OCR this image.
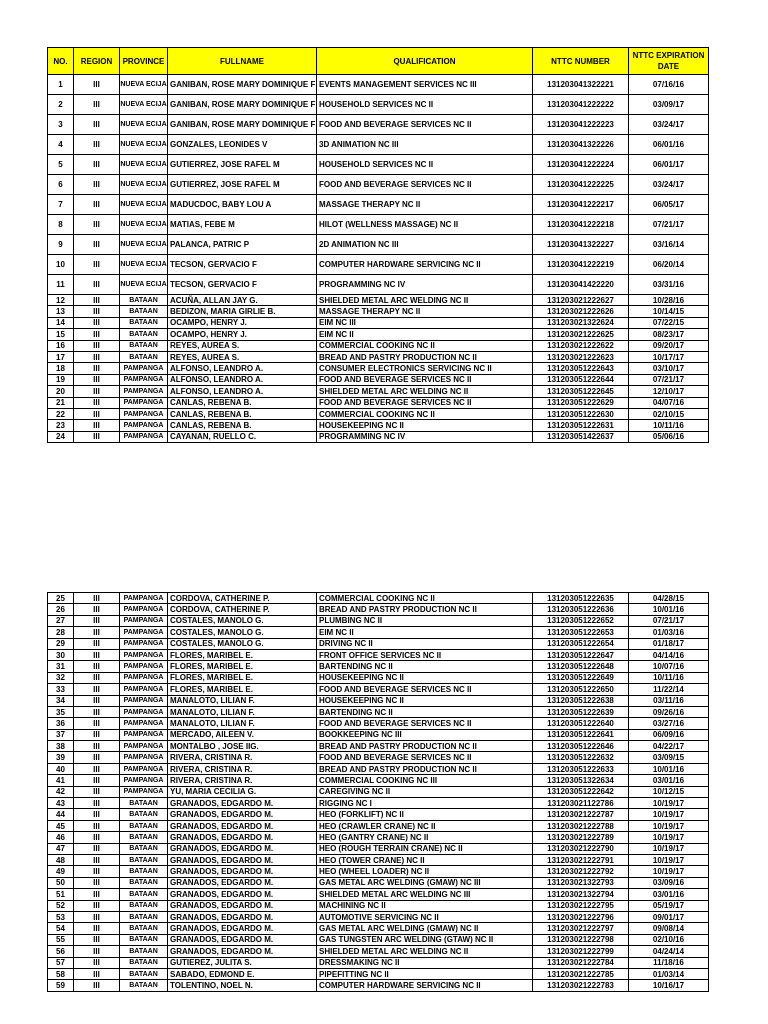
NO.	REGION	PROVINCE	FULLNAME	QUALIFICATION	NTTC NUMBER	NTTC EXPIRATION DATE
1	III	NUEVA ECIJA	GANIBAN, ROSE MARY DOMINIQUE F	EVENTS MANAGEMENT SERVICES NC III	131203041322221	07/16/16
2	III	NUEVA ECIJA	GANIBAN, ROSE MARY DOMINIQUE F	HOUSEHOLD SERVICES NC II	131203041222222	03/09/17
3	III	NUEVA ECIJA	GANIBAN, ROSE MARY DOMINIQUE F	FOOD AND BEVERAGE SERVICES NC II	131203041222223	03/24/17
4	III	NUEVA ECIJA	GONZALES, LEONIDES V	3D ANIMATION NC III	131203041322226	06/01/16
5	III	NUEVA ECIJA	GUTIERREZ, JOSE RAFEL M	HOUSEHOLD SERVICES NC II	131203041222224	06/01/17
6	III	NUEVA ECIJA	GUTIERREZ, JOSE RAFEL M	FOOD AND BEVERAGE SERVICES NC II	131203041222225	03/24/17
7	III	NUEVA ECIJA	MADUCDOC, BABY LOU A	MASSAGE THERAPY NC II	131203041222217	06/05/17
8	III	NUEVA ECIJA	MATIAS, FEBE M	HILOT (WELLNESS MASSAGE) NC II	131203041222218	07/21/17
9	III	NUEVA ECIJA	PALANCA, PATRIC P	2D ANIMATION NC III	131203041322227	03/16/14
10	III	NUEVA ECIJA	TECSON, GERVACIO F	COMPUTER HARDWARE SERVICING NC II	131203041222219	06/20/14
11	III	NUEVA ECIJA	TECSON, GERVACIO F	PROGRAMMING NC IV	131203041422220	03/31/16
12	III	BATAAN	ACUÑA, ALLAN JAY G.	SHIELDED METAL ARC WELDING NC II	131203021222627	10/28/16
13	III	BATAAN	BEDIZON, MARIA GIRLIE B.	MASSAGE THERAPY NC II	131203021222626	10/14/15
14	III	BATAAN	OCAMPO, HENRY J.	EIM NC III	131203021322624	07/22/15
15	III	BATAAN	OCAMPO, HENRY J.	EIM NC II	131203021222625	08/23/17
16	III	BATAAN	REYES, AUREA S.	COMMERCIAL COOKING NC II	131203021222622	09/20/17
17	III	BATAAN	REYES, AUREA S.	BREAD AND PASTRY PRODUCTION NC II	131203021222623	10/17/17
18	III	PAMPANGA	ALFONSO, LEANDRO A.	CONSUMER ELECTRONICS SERVICING NC II	131203051222643	03/10/17
19	III	PAMPANGA	ALFONSO, LEANDRO A.	FOOD AND BEVERAGE SERVICES NC II	131203051222644	07/21/17
20	III	PAMPANGA	ALFONSO, LEANDRO A.	SHIELDED METAL ARC WELDING NC II	131203051222645	12/10/17
21	III	PAMPANGA	CANLAS, REBENA B.	FOOD AND BEVERAGE SERVICES NC II	131203051222629	04/07/16
22	III	PAMPANGA	CANLAS, REBENA B.	COMMERCIAL COOKING NC II	131203051222630	02/10/15
23	III	PAMPANGA	CANLAS, REBENA B.	HOUSEKEEPING NC II	131203051222631	10/11/16
24	III	PAMPANGA	CAYANAN, RUELLO C.	PROGRAMMING NC IV	131203051422637	05/06/16
25	III	PAMPANGA	CORDOVA, CATHERINE P.	COMMERCIAL COOKING NC II	131203051222635	04/28/15
26	III	PAMPANGA	CORDOVA, CATHERINE P.	BREAD AND PASTRY PRODUCTION NC II	131203051222636	10/01/16
27	III	PAMPANGA	COSTALES, MANOLO G.	PLUMBING NC II	131203051222652	07/21/17
28	III	PAMPANGA	COSTALES, MANOLO G.	EIM NC II	131203051222653	01/03/16
29	III	PAMPANGA	COSTALES, MANOLO G.	DRIVING NC II	131203051222654	01/18/17
30	III	PAMPANGA	FLORES, MARIBEL E.	FRONT OFFICE SERVICES NC II	131203051222647	04/14/16
31	III	PAMPANGA	FLORES, MARIBEL E.	BARTENDING NC II	131203051222648	10/07/16
32	III	PAMPANGA	FLORES, MARIBEL E.	HOUSEKEEPING NC II	131203051222649	10/11/16
33	III	PAMPANGA	FLORES, MARIBEL E.	FOOD AND BEVERAGE SERVICES NC II	131203051222650	11/22/14
34	III	PAMPANGA	MANALOTO, LILIAN F.	HOUSEKEEPING NC II	131203051222638	03/11/16
35	III	PAMPANGA	MANALOTO, LILIAN F.	BARTENDING NC II	131203051222639	09/26/16
36	III	PAMPANGA	MANALOTO, LILIAN F.	FOOD AND BEVERAGE SERVICES NC II	131203051222640	03/27/16
37	III	PAMPANGA	MERCADO, AILEEN V.	BOOKKEEPING NC III	131203051222641	06/09/16
38	III	PAMPANGA	MONTALBO , JOSE IIG.	BREAD AND PASTRY PRODUCTION NC II	131203051222646	04/22/17
39	III	PAMPANGA	RIVERA, CRISTINA R.	FOOD AND BEVERAGE SERVICES NC II	131203051222632	03/09/15
40	III	PAMPANGA	RIVERA, CRISTINA R.	BREAD AND PASTRY PRODUCTION NC II	131203051222633	10/01/16
41	III	PAMPANGA	RIVERA, CRISTINA R.	COMMERCIAL COOKING NC III	131203051322634	03/01/16
42	III	PAMPANGA	YU, MARIA CECILIA G.	CAREGIVING NC II	131203051222642	10/12/15
43	III	BATAAN	GRANADOS, EDGARDO M.	RIGGING NC I	131203021122786	10/19/17
44	III	BATAAN	GRANADOS, EDGARDO M.	HEO (FORKLIFT) NC II	131203021222787	10/19/17
45	III	BATAAN	GRANADOS, EDGARDO M.	HEO (CRAWLER CRANE) NC II	131203021222788	10/19/17
46	III	BATAAN	GRANADOS, EDGARDO M.	HEO (GANTRY CRANE) NC II	131203021222789	10/19/17
47	III	BATAAN	GRANADOS, EDGARDO M.	HEO (ROUGH TERRAIN CRANE) NC II	131203021222790	10/19/17
48	III	BATAAN	GRANADOS, EDGARDO M.	HEO (TOWER CRANE) NC II	131203021222791	10/19/17
49	III	BATAAN	GRANADOS, EDGARDO M.	HEO (WHEEL LOADER) NC II	131203021222792	10/19/17
50	III	BATAAN	GRANADOS, EDGARDO M.	GAS METAL ARC WELDING (GMAW) NC III	131203021322793	03/09/16
51	III	BATAAN	GRANADOS, EDGARDO M.	SHIELDED METAL ARC WELDING NC III	131203021322794	03/01/16
52	III	BATAAN	GRANADOS, EDGARDO M.	MACHINING NC II	131203021222795	05/19/17
53	III	BATAAN	GRANADOS, EDGARDO M.	AUTOMOTIVE SERVICING NC II	131203021222796	09/01/17
54	III	BATAAN	GRANADOS, EDGARDO M.	GAS METAL ARC WELDING (GMAW) NC II	131203021222797	09/08/14
55	III	BATAAN	GRANADOS, EDGARDO M.	GAS TUNGSTEN ARC WELDING (GTAW) NC II	131203021222798	02/10/16
56	III	BATAAN	GRANADOS, EDGARDO M.	SHIELDED METAL ARC WELDING NC II	131203021222799	04/24/14
57	III	BATAAN	GUTIEREZ, JULITA S.	DRESSMAKING NC II	131203021222784	11/18/16
58	III	BATAAN	SABADO, EDMOND E.	PIPEFITTING NC II	131203021222785	01/03/14
59	III	BATAAN	TOLENTINO, NOEL N.	COMPUTER HARDWARE SERVICING NC II	131203021222783	10/16/17
